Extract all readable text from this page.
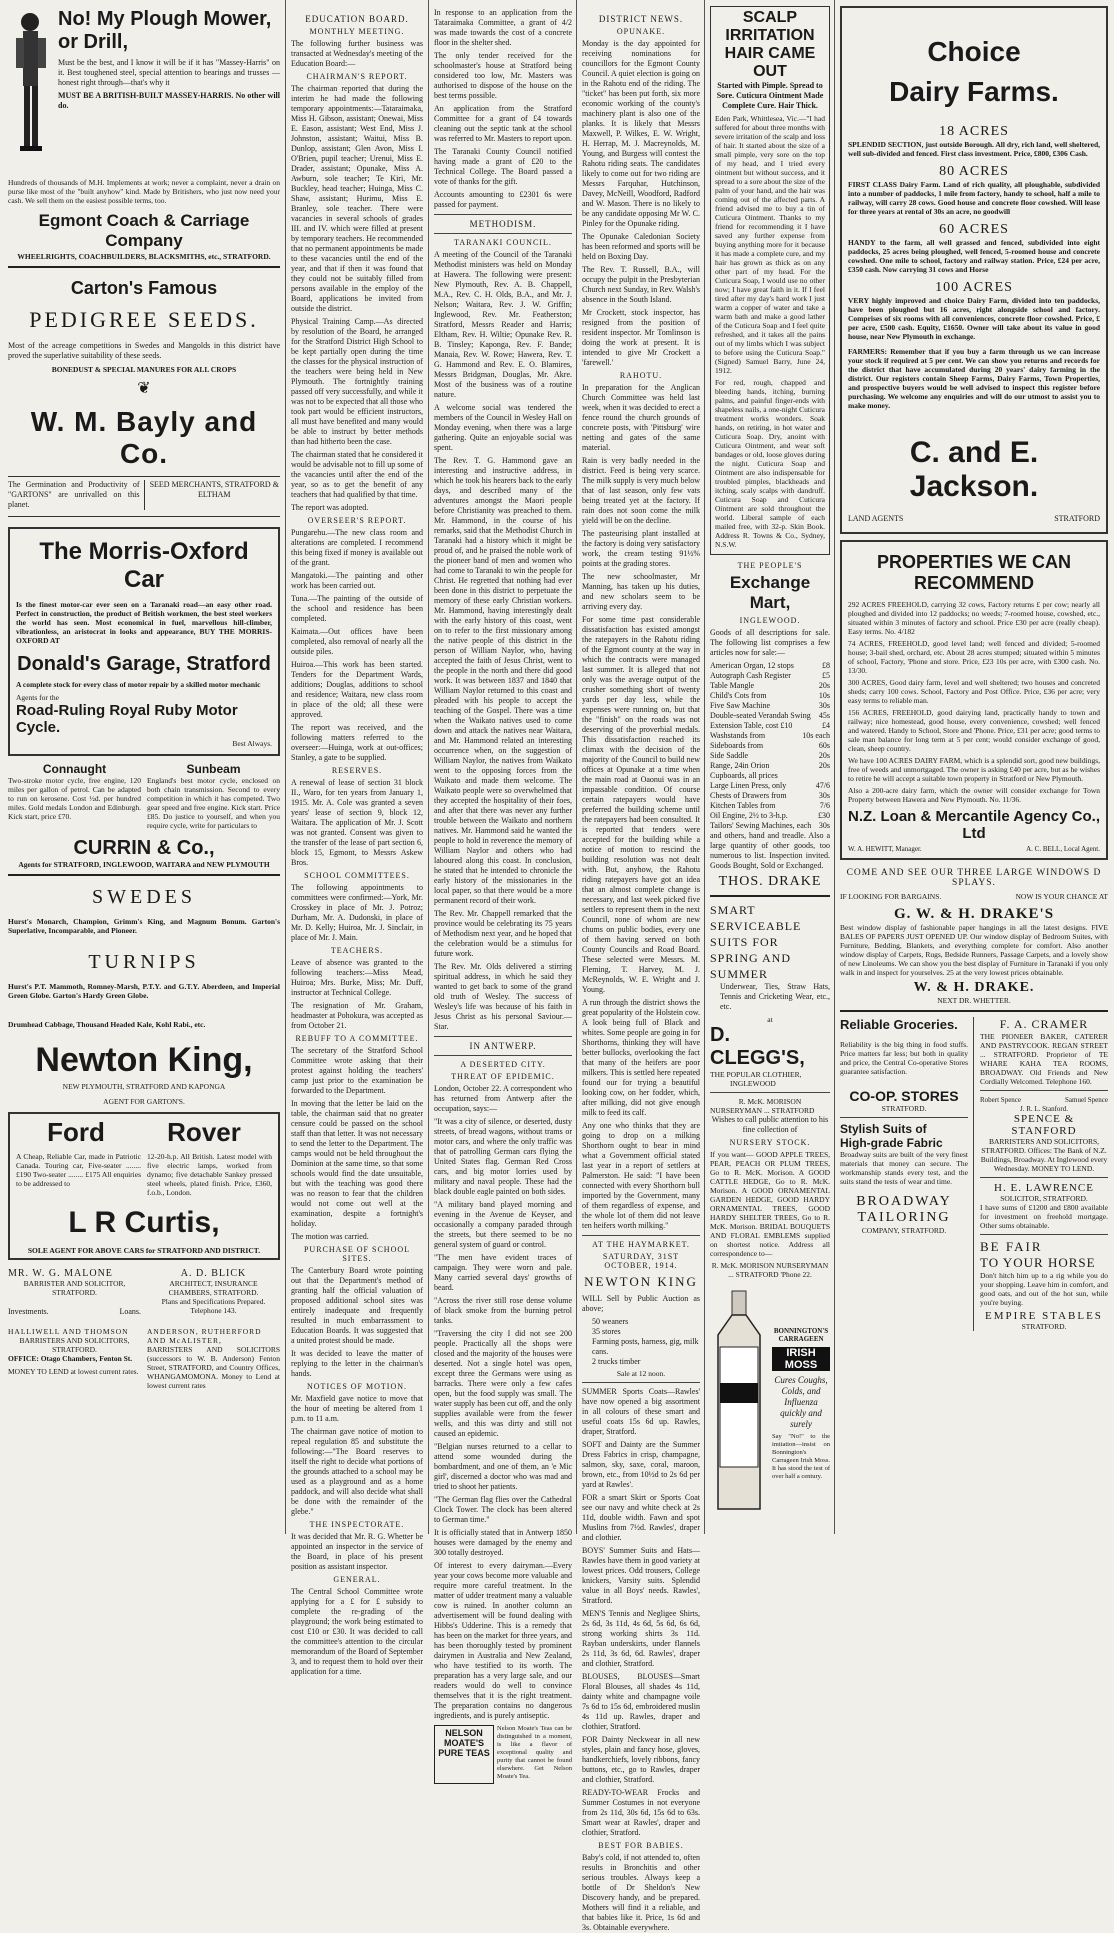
No! My Plough Mower,
or Drill,

Must be the best, and I know it will be if it has "Massey-Harris" on it. Best toughened steel, special attention to bearings and trusses — honest right through—that's why it

MUST BE A BRITISH-BUILT MASSEY-HARRIS. No other will do.

Hundreds of thousands of M.H. Implements at work; never a complaint, never a drain on purse like most of the "built anyhow" kind. Made by Britishers, who just now need your cash. We sell them on the easiest possible terms, too.

Egmont Coach & Carriage Company
WHEELRIGHTS, COACHBUILDERS, BLACKSMITHS, etc., STRATFORD.
Carton's Famous
PEDIGREE SEEDS.

Most of the acreage competitions in Swedes and Mangolds in this district have proved the superlative suitability of these seeds.

BONEDUST & SPECIAL MANURES FOR ALL CROPS
❦
W. M. Bayly and Co.

The Germination and Productivity of "GARTONS" are unrivalled on this planet.

SEED MERCHANTS, STRATFORD & ELTHAM

The Morris-Oxford Car

Is the finest motor-car ever seen on a Taranaki road—an easy other road. Perfect in construction, the product of British workmen, the best steel workers the world has seen. Most economical in fuel, marvellous hill-climber, vibrationless, an aristocrat in looks and appearance, BUY THE MORRIS-OXFORD AT

Donald's Garage, Stratford

A complete stock for every class of motor repair by a skilled motor mechanic

Agents for the
Road-Ruling Royal Ruby Motor Cycle.
Best Always.
Connaught

Two-stroke motor cycle, free engine, 120 miles per gallon of petrol. Can be adapted to run on kerosene. Cost ½d. per hundred miles. Gold medals London and Edinburgh. Kick start, price £70.

Sunbeam

England's best motor cycle, enclosed on both chain transmission. Second to every competition in which it has competed. Two gear speed and free engine. Kick start. Price £85. Do justice to yourself, and when you require cycle, write for particulars to

CURRIN & Co.,
Agents for STRATFORD, INGLEWOOD, WAITARA and NEW PLYMOUTH
SWEDES

Hurst's Monarch, Champion, Grimm's King, and Magnum Bonum. Garton's Superlative, Incomparable, and Pioneer.

TURNIPS

Hurst's P.T. Mammoth, Romney-Marsh, P.T.Y. and G.T.Y. Aberdeen, and Imperial Green Globe. Garton's Hardy Green Globe.

Drumhead Cabbage, Thousand Headed Kale, Kohl Rabi., etc.

Newton King,
NEW PLYMOUTH, STRATFORD AND KAPONGA
AGENT FOR GARTON'S.
Ford Rover

A Cheap, Reliable Car, made in Patriotic Canada. Touring car, Five-seater ........ £190 Two-seater ........ £175 All enquiries to be addressed to

12-20-h.p. All British. Latest model with five electric lamps, worked from dynamo; five detachable Sankey pressed steel wheels, plated finish. Price, £360, f.o.b., London.

L R Curtis,
SOLE AGENT FOR ABOVE CARS for STRATFORD AND DISTRICT.
MR. W. G. MALONE
BARRISTER AND SOLICITOR, STRATFORD.
Investments.	Loans.
A. D. BLICK
ARCHITECT, INSURANCE CHAMBERS, STRATFORD.
Plans and Specifications Prepared. Telephone 143.
HALLIWELL AND THOMSON
BARRISTERS AND SOLICITORS, STRATFORD.
OFFICE: Otago Chambers, Fenton St.
MONEY TO LEND at lowest current rates.
ANDERSON, RUTHERFORD AND McALISTER,

BARRISTERS AND SOLICITORS (successors to W. B. Anderson) Fenton Street, STRATFORD, and Country Offices, WHANGAMOMONA. Money to Lend at lowest current rates

EDUCATION BOARD.
MONTHLY MEETING.

The following further business was transacted at Wednesday's meeting of the Education Board:—

CHAIRMAN'S REPORT.

The chairman reported that during the interim he had made the following temporary appointments:—Tataraimaka, Miss H. Gibson, assistant; Onewai, Miss E. Eason, assistant; West End, Miss J. Johnston, assistant; Waitui, Miss B. Dunlop, assistant; Glen Avon, Miss I. O'Brien, pupil teacher; Urenui, Miss E. Drader, assistant; Opunake, Miss A. Awburn, sole teacher; Te Kiri, Mr. Buckley, head teacher; Huinga, Miss C. Shaw, assistant; Hurimu, Miss E. Branley, sole teacher. There were vacancies in several schools of grades III. and IV. which were filled at present by temporary teachers. He recommended that no permanent appointments be made to these vacancies until the end of the year, and that if then it was found that they could not be suitably filled from persons available in the employ of the Board, applications be invited from outside the district.

Physical Training Camp.—As directed by resolution of the Board, he arranged for the Stratford District High School to be kept partially open during the time the classes for the physical instruction of the teachers were being held in New Plymouth. The fortnightly training passed off very successfully, and while it was not to be expected that all those who took part would be efficient instructors, all must have benefited and many would be able to instruct by better methods than had hitherto been the case.

The chairman stated that he considered it would be advisable not to fill up some of the vacancies until after the end of the year, so as to get the benefit of any teachers that had qualified by that time.

The report was adopted.

OVERSEER'S REPORT.

Pungarehu.—The new class room and alterations are completed. I recommend this being fixed if money is available out of the grant.

Mangatoki.—The painting and other work has been carried out.

Tuna.—The painting of the outside of the school and residence has been completed.

Kaimata.—Out offices have been completed, also removal of nearly all the outside piles.

Huiroa.—This work has been started. Tenders for the Department Wards, additions; Douglas, additions to school and residence; Waitara, new class room in place of the old; all these were approved.

The report was received, and the following matters referred to the overseer:—Huinga, work at out-offices; Stanley, a gate to be supplied.

RESERVES.

A renewal of lease of section 31 block II., Waro, for ten years from January 1, 1915. Mr. A. Cole was granted a seven years' lease of section 9, block 12, Waitara. The application of Mr. J. Scott was not granted. Consent was given to the transfer of the lease of part section 6, block 15, Egmont, to Messrs Askew Bros.

SCHOOL COMMITTEES.

The following appointments to committees were confirmed:—York, Mr. Crosskey in place of Mr. J. Potroz; Durham, Mr. A. Dudonski, in place of Mr. D. Kelly; Huiroa, Mr. J. Sinclair, in place of Mr. J. Main.

TEACHERS.

Leave of absence was granted to the following teachers:—Miss Mead, Huiroa; Mrs. Burke, Miss; Mr. Duff, instructor at Technical College.

The resignation of Mr. Graham, headmaster at Pohokura, was accepted as from October 21.

REBUFF TO A COMMITTEE.

The secretary of the Stratford School Committee wrote asking that their protest against holding the teachers' camp just prior to the examination be forwarded to the Department.

In moving that the letter be laid on the table, the chairman said that no greater censure could be passed on the school staff than that letter. It was not necessary to send the letter to the Department. The camps would not be held throughout the Dominion at the same time, so that some schools would find the date unsuitable, but with the teaching was good there was no reason to fear that the children would not come out well at the examination, despite a fortnight's holiday.

The motion was carried.

PURCHASE OF SCHOOL SITES.

The Canterbury Board wrote pointing out that the Department's method of granting half the official valuation of proposed additional school sites was entirely inadequate and frequently resulted in much embarrassment to Education Boards. It was suggested that a united protest should be made.

It was decided to leave the matter of replying to the letter in the chairman's hands.

NOTICES OF MOTION.

Mr. Maxfield gave notice to move that the hour of meeting be altered from 1 p.m. to 11 a.m.

The chairman gave notice of motion to repeal regulation 85 and substitute the following:—"The Board reserves to itself the right to decide what portions of the grounds attached to a school may be used as a playground and as a home paddock, and will also decide what shall be done with the remainder of the glebe."

THE INSPECTORATE.

It was decided that Mr. R. G. Whetter be appointed an inspector in the service of the Board, in place of his present position as assistant inspector.

GENERAL.

The Central School Committee wrote applying for a £ for £ subsidy to complete the re-grading of the playground; the work being estimated to cost £10 or £30. It was decided to call the committee's attention to the circular memorandum of the Board of September 3, and to request them to hold over their application for a time.

In response to an application from the Tataraimaka Committee, a grant of 4/2 was made towards the cost of a concrete floor in the shelter shed.

The only tender received for the schoolmaster's house at Stratford being considered too low, Mr. Masters was authorised to dispose of the house on the best terms possible.

An application from the Stratford Committee for a grant of £4 towards cleaning out the septic tank at the school was referred to Mr. Masters to report upon.

The Taranaki County Council notified having made a grant of £20 to the Technical College. The Board passed a vote of thanks for the gift.

Accounts amounting to £2301 6s were passed for payment.

METHODISM.
TARANAKI COUNCIL.

A meeting of the Council of the Taranaki Methodist ministers was held on Monday at Hawera. The following were present: New Plymouth, Rev. A. B. Chappell, M.A., Rev. C. H. Olds, B.A., and Mr. J. Nelson; Waitara, Rev. J. W. Griffin; Inglewood, Rev. Mr. Featherston; Stratford, Messrs Reader and Harris; Eltham, Rev. H. Wiltie; Opunake Rev. R. B. Tinsley; Kaponga, Rev. F. Bande; Manaia, Rev. W. Rowe; Hawera, Rev. T. G. Hammond and Rev. E. O. Blamires, Messrs Bridgman, Douglas, Mr. Akre. Most of the business was of a routine nature.

A welcome social was tendered the members of the Council in Wesley Hall on Monday evening, when there was a large gathering. Quite an enjoyable social was spent.

The Rev. T. G. Hammond gave an interesting and instructive address, in which he took his hearers back to the early days, and described many of the adventures amongst the Maori people before Christianity was preached to them. Mr. Hammond, in the course of his remarks, said that the Methodist Church in Taranaki had a history which it might be proud of, and he praised the noble work of the pioneer band of men and women who had come to Taranaki to win the people for Christ. He regretted that nothing had ever been done in this district to perpetuate the memory of these early Christian workers. Mr. Hammond, having interestingly dealt with the early history of this coast, went on to refer to the first missionary among the native people of this district in the person of William Naylor, who, having accepted the faith of Jesus Christ, went to the people in the north and there did good work. It was between 1837 and 1840 that William Naylor returned to this coast and pleaded with his people to accept the teaching of the Gospel. There was a time when the Waikato natives used to come down and attack the natives near Waitara, and Mr. Hammond related an interesting occurrence when, on the suggestion of William Naylor, the natives from Waikato went to the opposing forces from the Waikato and made them welcome. The Waikato people were so overwhelmed that they accepted the hospitality of their foes, and after that there was never any further trouble between the Waikato and northern natives. Mr. Hammond said he wanted the people to hold in reverence the memory of William Naylor and others who had laboured along this coast. In conclusion, he stated that he intended to chronicle the early history of the missionaries in the local paper, so that there would be a more permanent record of their work.

The Rev. Mr. Chappell remarked that the province would be celebrating its 75 years of Methodism next year, and he hoped that the celebration would be a stimulus for future work.

The Rev. Mr. Olds delivered a stirring spiritual address, in which he said they wanted to get back to some of the grand old truth of Wesley. The success of Wesley's life was because of his faith in Jesus Christ as his personal Saviour.—Star.

IN ANTWERP.
A DESERTED CITY.
THREAT OF EPIDEMIC.

London, October 22. A correspondent who has returned from Antwerp after the occupation, says:—

"It was a city of silence, or deserted, dusty streets, of bread wagons, without trams or motor cars, and where the only traffic was that of patrolling German cars flying the United States flag. German Red Cross cars, and big motor lorries used by military and naval people. These had the black double eagle painted on both sides.

"A military band played morning and evening in the Avenue de Keyser, and occasionally a company paraded through the streets, but there seemed to be no general system of guard or control.

"The men have evident traces of campaign. They were worn and pale. Many carried several days' growths of beard.

"Across the river still rose dense volume of black smoke from the burning petrol tanks.

"Traversing the city I did not see 200 people. Practically all the shops were closed and the majority of the houses were deserted. Not a single hotel was open, except three the Germans were using as barracks. There were only a few cafes open, but the food supply was small. The water supply has been cut off, and the only supplies available were from the fewer wells, and this was dirty and still not caused an epidemic.

"Belgian nurses returned to a cellar to attend some wounded during the bombardment, and one of them, an 'e Mic girl', discerned a doctor who was mad and tried to shoot her patients.

"The German flag flies over the Cathedral Clock Tower. The clock has been altered to German time."

It is officially stated that in Antwerp 1850 houses were damaged by the enemy and 300 totally destroyed.

Of interest to every dairyman.—Every year your cows become more valuable and require more careful treatment. In the matter of udder treatment many a valuable cow is ruined. In another column an advertisement will be found dealing with Hibbs's Udderine. This is a remedy that has been on the market for three years, and has been thoroughly tested by prominent dairymen in Australia and New Zealand, who have testified to its worth. The preparation has a very large sale, and our readers would do well to convince themselves that it is the right treatment. The preparation contains no dangerous ingredients, and is purely antiseptic.

NELSON MOATE'S PURE TEAS

Nelson Moate's Teas can be distinguished in a moment, is like a flavor of exceptional quality and purity that cannot be found elsewhere. Get Nelson Moate's Tea.

DISTRICT NEWS.
OPUNAKE.

Monday is the day appointed for receiving nominations for councillors for the Egmont County Council. A quiet election is going on in the Rahotu end of the riding. The "ticket" has been put forth, six more economic working of the county's machinery plant is also one of the planks. It is likely that Messrs Maxwell, P. Wilkes, E. W. Wright, H. Herrap, M. J. Macreynolds, M. Young, and Burgess will contest the Rahotu riding seats. The candidates likely to come out for two riding are Messrs Farquhar, Hutchinson, Davey, McNeill, Woodford, Radford and W. Mason. There is no likely to be any candidate opposing Mr W. C. Pinley for the Opunake riding.

The Opunake Caledonian Society has been reformed and sports will be held on Boxing Day.

The Rev. T. Russell, B.A., will occupy the pulpit in the Presbyterian Church next Sunday, in Rev. Walsh's absence in the South Island.

Mr Crockett, stock inspector, has resigned from the position of resident inspector. Mr Tomlinson is doing the work at present. It is intended to give Mr Crockett a 'farewell.'

RAHOTU.

In preparation for the Anglican Church Committee was held last week, when it was decided to erect a fence round the church grounds of concrete posts, with 'Pittsburg' wire netting and gates of the same material.

Rain is very badly needed in the district. Feed is being very scarce. The milk supply is very much below that of last season, only few vats being treated yet at the factory. If rain does not soon come the milk yield will be on the decline.

The pasteurising plant installed at the factory is doing very satisfactory work, the cream testing 91½% points at the grading stores.

The new schoolmaster, Mr Manning, has taken up his duties, and new scholars seem to be arriving every day.

For some time past considerable dissatisfaction has existed amongst the ratepayers in the Rahotu riding of the Egmont county at the way in which the contracts were managed last summer. It is alleged that not only was the average output of the crusher something short of twenty yards per day less, while the expenses were running on, but that the "finish" on the roads was not deserving of the proverbial medals. This dissatisfaction reached its climax with the decision of the majority of the Council to build new offices at Opunake at a time when the main road at Oaonui was in an impassable condition. Of course certain ratepayers would have preferred the building scheme until the ratepayers had been consulted. It is reported that tenders were accepted for the building while a notice of motion to rescind the building resolution was not dealt with. But, anyhow, the Rahotu riding ratepayers have got an idea that an almost complete change is necessary, and last week picked five settlers to represent them in the next Council, none of whom are new chums on public bodies, every one of them having served on both County Councils and Road Board. These selected were Messrs. M. Fleming, T. Harvey, M. J. McReynolds, W. E. Wright and J. Young.

A run through the district shows the great popularity of the Holstein cow. A look being full of Black and whites. Some people are going in for Shorthorns, thinking they will have better bullocks, overlooking the fact that many of the heifers are poor milkers. This is settled here repeated found our for trying a beautiful looking cow, on her fodder, which, after milking, did not give enough milk to feed its calf.

Any one who thinks that they are going to drop on a milking Shorthorn ought to bear in mind what a Government official stated last year in a report of settlers at Palmerston. He said: "I have been connected with every Shorthorn bull imported by the Government, many of them regardless of expense, and the whole lot of them did not leave ten heifers worth milking."

AT THE HAYMARKET.
SATURDAY, 31ST OCTOBER, 1914.
NEWTON KING

WILL Sell by Public Auction as above;

50 weaners
35 stores
Farming posts, harness, gig, milk cans.
2 trucks timber
Sale at 12 noon.

SUMMER Sports Coats—Rawles' have now opened a big assortment in all colours of these smart and useful coats 15s 6d up. Rawles, draper, Stratford.

SOFT and Dainty are the Summer Dress Fabrics in crisp, champagne, salmon, sky, saxe, coral, maroon, brown, etc., from 10½d to 2s 6d per yard at Rawles'.

FOR a smart Skirt or Sports Coat see our navy and white check at 2s 11d, double width. Fawn and spot Muslins from 7½d. Rawles', draper and clothier.

BOYS' Summer Suits and Hats—Rawles have them in good variety at lowest prices. Odd trousers, College knickers, Varsity suits. Splendid value in all Boys' needs. Rawles', Stratford.

MEN'S Tennis and Negligee Shirts, 2s 6d, 3s 11d, 4s 6d, 5s 6d, 6s 6d, strong working shirts 3s 11d. Rayban underskirts, under flannels 2s 11d, 3s 6d, 6d. Rawles', draper and clothier, Stratford.

BLOUSES, BLOUSES—Smart Floral Blouses, all shades 4s 11d, dainty white and champagne voile 7s 6d to 15s 6d, embroidered muslin 4s 11d up. Rawles, draper and clothier, Stratford.

FOR Dainty Neckwear in all new styles, plain and fancy hose, gloves, handkerchiefs, lovely ribbons, fancy buttons, etc., go to Rawles, draper and clothier, Stratford.

READY-TO-WEAR Frocks and Summer Costumes in not everyone from 2s 11d, 30s 6d, 15s 6d to 63s. Smart wear at Rawles', draper and clothier, Stratford.

BEST FOR BABIES.

Baby's cold, if not attended to, often results in Bronchitis and other serious troubles. Always keep a bottle of Dr Sheldon's New Discovery handy, and be prepared. Mothers will find it a reliable, and that babies like it. Price, 1s 6d and 3s. Obtainable everywhere.

SCALP IRRITATION
HAIR CAME OUT

Started with Pimple. Spread to Sore. Cuticura Ointment Made Complete Cure. Hair Thick.

Eden Park, Whittlesea, Vic.—"I had suffered for about three months with severe irritation of the scalp and loss of hair. It started about the size of a small pimple, very sore on the top of my head, and I tried every ointment but without success, and it spread to a sore about the size of the palm of your hand, and the hair was coming out of the affected parts. A friend advised me to buy a tin of Cuticura Ointment. Thanks to my friend for recommending it I have saved any further expense from buying anything more for it because it has made a complete cure, and my hair has grown as thick as on any other part of my head. For the Cuticura Soap, I would use no other now; I have great faith in it. If I feel tired after my day's hard work I just warm a copper of water and take a warm bath and make a good lather of the Cuticura Soap and I feel quite refreshed, and it takes all the pains out of my limbs which I was subject to before using the Cuticura Soap." (Signed) Samuel Barry, June 24, 1912.

For red, rough, chapped and bleeding hands, itching, burning palms, and painful finger-ends with shapeless nails, a one-night Cuticura treatment works wonders. Soak hands, on retiring, in hot water and Cuticura Soap. Dry, anoint with Cuticura Ointment, and wear soft bandages or old, loose gloves during the night. Cuticura Soap and Ointment are also indispensable for troubled pimples, blackheads and itching, scaly scalps with dandruff. Cuticura Soap and Cuticura Ointment are sold throughout the world. Liberal sample of each mailed free, with 32-p. Skin Book. Address R. Towns & Co., Sydney, N.S.W.

THE PEOPLE'S
Exchange Mart,
INGLEWOOD.

Goods of all descriptions for sale. The following list comprises a few articles now for sale:—

American Organ, 12 stops	£8
Autograph Cash Register	£5
Table Mangle	20s
Child's Cots from	10s
Five Saw Machine	30s
Double-seated Verandah Swing 45s
Extension Table, cost £10	£4
Washstands from	10s each
Sideboards from	60s
Side Saddle	20s
Range, 24in Orion	20s
Cupboards, all prices
Large Linen Press, only	47/6
Chests of Drawers from	30s
Kitchen Tables from	7/6
Oil Engine, 2½ to 3-h.p.	£30
Tailors' Sewing Machines, each 30s

and others, hand and treadle. Also a large quantity of other goods, too numerous to list. Inspection invited. Goods Bought, Sold or Exchanged.

THOS. DRAKE
SMART
SERVICEABLE
SUITS FOR
SPRING AND
SUMMER

Underwear, Ties, Straw Hats, Tennis and Cricketing Wear, etc., etc.

at
D. CLEGG'S,
THE POPULAR CLOTHIER,
INGLEWOOD
R. McK. MORISON
NURSERYMAN ... STRATFORD

Wishes to call public attention to his fine collection of

NURSERY STOCK.

If you want— GOOD APPLE TREES, PEAR, PEACH OR PLUM TREES, Go to R. McK. Morison. A GOOD CATTLE HEDGE, Go to R. McK. Morison. A GOOD ORNAMENTAL GARDEN HEDGE, GOOD HARDY ORNAMENTAL TREES, GOOD HARDY SHELTER TREES, Go to R. McK. Morison. BRIDAL BOUQUETS AND FLORAL EMBLEMS supplied on shortest notice. Address all correspondence to—

R. McK. MORISON NURSERYMAN ... STRATFORD 'Phone 22.

BONNINGTON'S CARRAGEEN
IRISH MOSS

Cures Coughs, Colds, and Influenza quickly and surely

Say "No!" to the imitation—insist on Bonnington's Carrageen Irish Moss. It has stood the test of over half a century.

Choice
Dairy Farms.
18 ACRES

SPLENDID SECTION, just outside Borough. All dry, rich land, well sheltered, well sub-divided and fenced. First class investment. Price, £800, £306 Cash.

80 ACRES

FIRST CLASS Dairy Farm. Land of rich quality, all ploughable, subdivided into a number of paddocks, 1 mile from factory, handy to school, half a mile to railway, will carry 28 cows. Good house and concrete floor cowshed. Will lease for three years at rental of 30s an acre, no goodwill

60 ACRES

HANDY to the farm, all well grassed and fenced, subdivided into eight paddocks, 25 acres being ploughed, well fenced, 5-roomed house and concrete cowshed. One mile to school, factory and railway station. Price, £24 per acre, £350 cash. Now carrying 31 cows and Horse

100 ACRES

VERY highly improved and choice Dairy Farm, divided into ten paddocks, have been ploughed but 16 acres, right alongside school and factory. Comprises of six rooms with all conveniences, concrete floor cowshed. Price, £ per acre, £500 cash. Equity, £1650. Owner will take about its value in good house, near New Plymouth in exchange.

FARMERS: Remember that if you buy a farm through us we can increase your stock if required at 5 per cent. We can show you returns and records for the district that have accumulated during 20 years' dairy farming in the district. Our registers contain Sheep Farms, Dairy Farms, Town Properties, and prospective buyers would be well advised to inspect this register before purchasing. We welcome any enquiries and will do our utmost to assist you to make money.

C. and E. Jackson.
LAND AGENTS	STRATFORD
PROPERTIES WE CAN RECOMMEND

292 ACRES FREEHOLD, carrying 32 cows, Factory returns £ per cow; nearly all ploughed and divided into 12 paddocks; no weeds; 7-roomed house, cowshed, etc., situated within 3 minutes of factory and school. Price £30 per acre (really cheap). Easy terms. No. 4/182

74 ACRES, FREEHOLD, good level land; well fenced and divided; 5-roomed house; 3-bail shed, orchard, etc. About 28 acres stumped; situated within 5 minutes of school, Factory, 'Phone and store. Price, £23 10s per acre, with £300 cash. No. 13/30.

300 ACRES, Good dairy farm, level and well sheltered; two houses and concreted sheds; carry 100 cows. School, Factory and Post Office. Price, £36 per acre; very easy terms to reliable man.

156 ACRES, FREEHOLD, good dairying land, practically handy to town and railway; nice homestead, good house, every convenience, cowshed; well fenced and watered. Handy to School, Store and 'Phone. Price, £31 per acre; good terms to sale man balance for long term at 5 per cent; would consider exchange of good, clean, sheep country.

We have 100 ACRES DAIRY FARM, which is a splendid sort, good new buildings, free of weeds and unmortgaged. The owner is asking £40 per acre, but as he wishes to retire he will accept a suitable town property in Stratford or New Plymouth.

Also a 200-acre dairy farm, which the owner will consider exchange for Town Property between Hawera and New Plymouth. No. 11/36.

N.Z. Loan & Mercantile Agency Co., Ltd
W. A. HEWITT, Manager.	A. C. BELL, Local Agent.
COME AND SEE OUR THREE LARGE WINDOWS D SPLAYS.
IF LOOKING FOR BARGAINS.	NOW IS YOUR CHANCE AT
G. W. & H. DRAKE'S

Best window display of fashionable paper hangings in all the latest designs. FIVE BALES OF PAPERS JUST OPENED UP. Our window display of Bedroom Suites, with Furniture, Bedding, Blankets, and everything complete for comfort. Also another window display of Carpets, Rugs, Bedside Runners, Passage Carpets, and a lovely show of new Linoleums. We can show you the best display of Furniture in Taranaki if you only walk in and inspect for yourselves. 25 at the very lowest prices obtainable.

W. & H. DRAKE.
NEXT DR. WHETTER.
Reliable Groceries.

Reliability is the big thing in food stuffs. Price matters far less; but both in quality and price, the Central Co-operative Stores guarantee satisfaction.

CO-OP. STORES
STRATFORD.
Stylish Suits of
High-grade Fabric

Broadway suits are built of the very finest materials that money can secure. The workmanship stands every test, and the suits stand the tests of wear and time.

BROADWAY
TAILORING
COMPANY, STRATFORD.
F. A. CRAMER

THE PIONEER BAKER, CATERER AND PASTRYCOOK. REGAN STREET ... STRATFORD. Proprietor of TE WHARE KAHA TEA ROOMS, BROADWAY. Old Friends and New Cordially Welcomed. Telephone 160.

Robert Spence	Samuel Spence
J. R. L. Stanford.
SPENCE & STANFORD

BARRISTERS AND SOLICITORS, STRATFORD. Offices: The Bank of N.Z. Buildings, Broadway. At Inglewood every Wednesday. MONEY TO LEND.

H. E. LAWRENCE
SOLICITOR, STRATFORD.

I have sums of £1200 and £800 available for investment on freehold mortgage. Other sums obtainable.

BE FAIR
TO YOUR HORSE

Don't hitch him up to a rig while you do your shopping. Leave him in comfort, and good oats, and out of the hot sun, while you're buying.

EMPIRE STABLES
STRATFORD.
